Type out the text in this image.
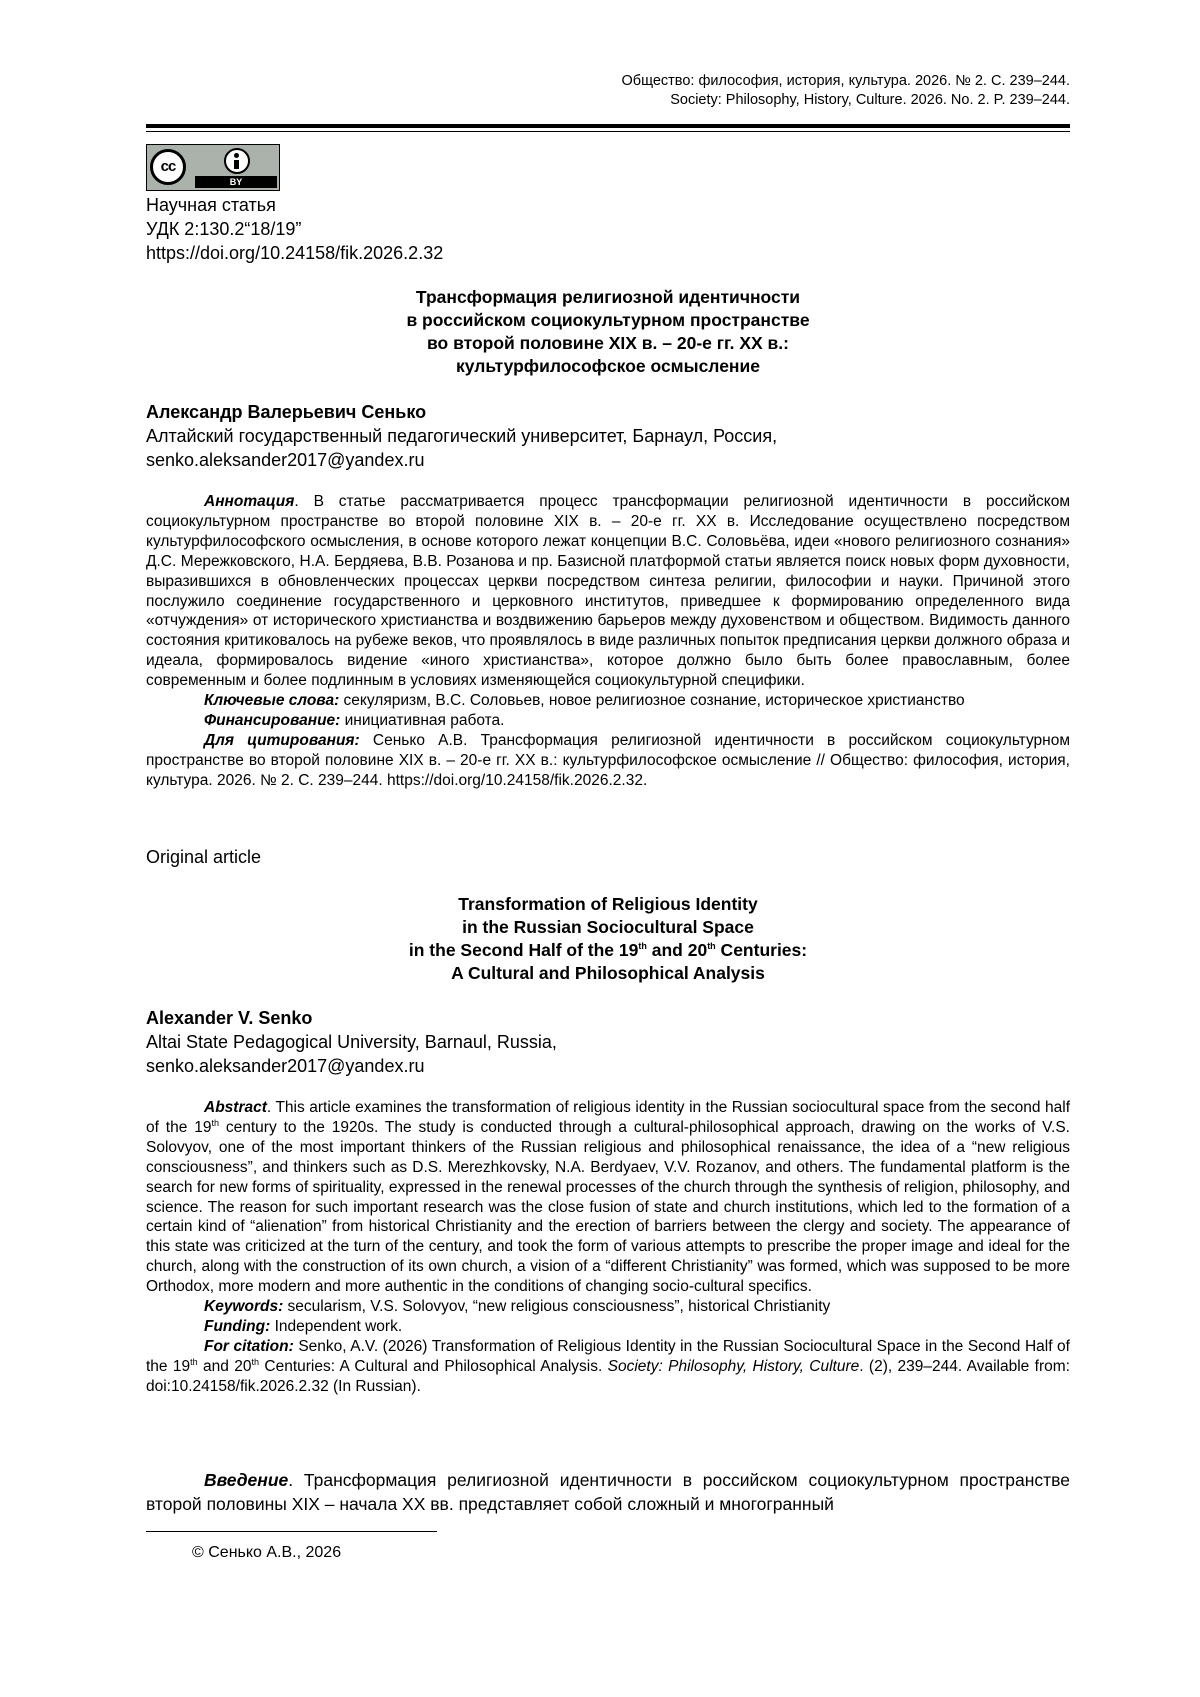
Общество: философия, история, культура. 2026. № 2. С. 239–244.
Society: Philosophy, History, Culture. 2026. No. 2. P. 239–244.
cc
BY
Научная статья
УДК 2:130.2“18/19”
https://doi.org/10.24158/fik.2026.2.32
Трансформация религиозной идентичности
в российском социокультурном пространстве
во второй половине XIX в. – 20-е гг. XX в.:
культурфилософское осмысление
Александр Валерьевич Сенько
Алтайский государственный педагогический университет, Барнаул, Россия,
senko.aleksander2017@yandex.ru

Аннотация. В статье рассматривается процесс трансформации религиозной идентичности в российском социокультурном пространстве во второй половине XIX в. – 20-е гг. XX в. Исследование осуществлено посредством культурфилософского осмысления, в основе которого лежат концепции В.С. Соловьёва, идеи «нового религиозного сознания» Д.С. Мережковского, Н.А. Бердяева, В.В. Розанова и пр. Базисной платформой статьи является поиск новых форм духовности, выразившихся в обновленческих процессах церкви посредством синтеза религии, философии и науки. Причиной этого послужило соединение государственного и церковного институтов, приведшее к формированию определенного вида «отчуждения» от исторического христианства и воздвижению барьеров между духовенством и обществом. Видимость данного состояния критиковалось на рубеже веков, что проявлялось в виде различных попыток предписания церкви должного образа и идеала, формировалось видение «иного христианства», которое должно было быть более православным, более современным и более подлинным в условиях изменяющейся социокультурной специфики.

Ключевые слова: секуляризм, В.С. Соловьев, новое религиозное сознание, историческое христианство

Финансирование: инициативная работа.

Для цитирования: Сенько А.В. Трансформация религиозной идентичности в российском социокультурном пространстве во второй половине XIX в. – 20-е гг. XX в.: культурфилософское осмысление // Общество: философия, история, культура. 2026. № 2. С. 239–244. https://doi.org/10.24158/fik.2026.2.32.

Original article
Transformation of Religious Identity
in the Russian Sociocultural Space
in the Second Half of the 19th and 20th Centuries:
A Cultural and Philosophical Analysis
Alexander V. Senko
Altai State Pedagogical University, Barnaul, Russia,
senko.aleksander2017@yandex.ru

Abstract. This article examines the transformation of religious identity in the Russian sociocultural space from the second half of the 19th century to the 1920s. The study is conducted through a cultural-philosophical approach, drawing on the works of V.S. Solovyov, one of the most important thinkers of the Russian religious and philosophical renaissance, the idea of a “new religious consciousness”, and thinkers such as D.S. Merezhkovsky, N.A. Berdyaev, V.V. Rozanov, and others. The fundamental platform is the search for new forms of spirituality, expressed in the renewal processes of the church through the synthesis of religion, philosophy, and science. The reason for such important research was the close fusion of state and church institutions, which led to the formation of a certain kind of “alienation” from historical Christianity and the erection of barriers between the clergy and society. The appearance of this state was criticized at the turn of the century, and took the form of various attempts to prescribe the proper image and ideal for the church, along with the construction of its own church, a vision of a “different Christianity” was formed, which was supposed to be more Orthodox, more modern and more authentic in the conditions of changing socio-cultural specifics.

Keywords: secularism, V.S. Solovyov, “new religious consciousness”, historical Christianity

Funding: Independent work.

For citation: Senko, A.V. (2026) Transformation of Religious Identity in the Russian Sociocultural Space in the Second Half of the 19th and 20th Centuries: A Cultural and Philosophical Analysis. Society: Philosophy, History, Culture. (2), 239–244. Available from: doi:10.24158/fik.2026.2.32 (In Russian).

Введение. Трансформация религиозной идентичности в российском социокультурном пространстве второй половины XIX – начала XX вв. представляет собой сложный и многогранный

© Сенько А.В., 2026
